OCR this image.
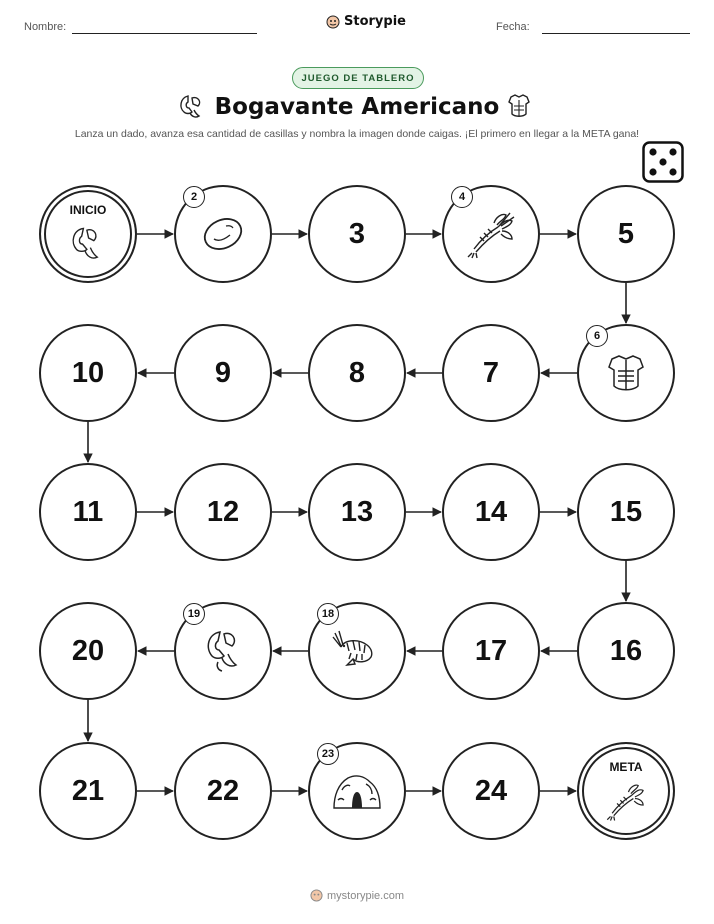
Nombre:	Storypie	Fecha:
JUEGO DE TABLERO
Bogavante Americano
Lanza un dado, avanza esa cantidad de casillas y nombra la imagen donde caigas. ¡El primero en llegar a la META gana!
INICIO
2
3
4
5
6
7
8
9
10
11	12	13	14	15
16
17
18
19
20
21	22
23
24
META
mystorypie.com
